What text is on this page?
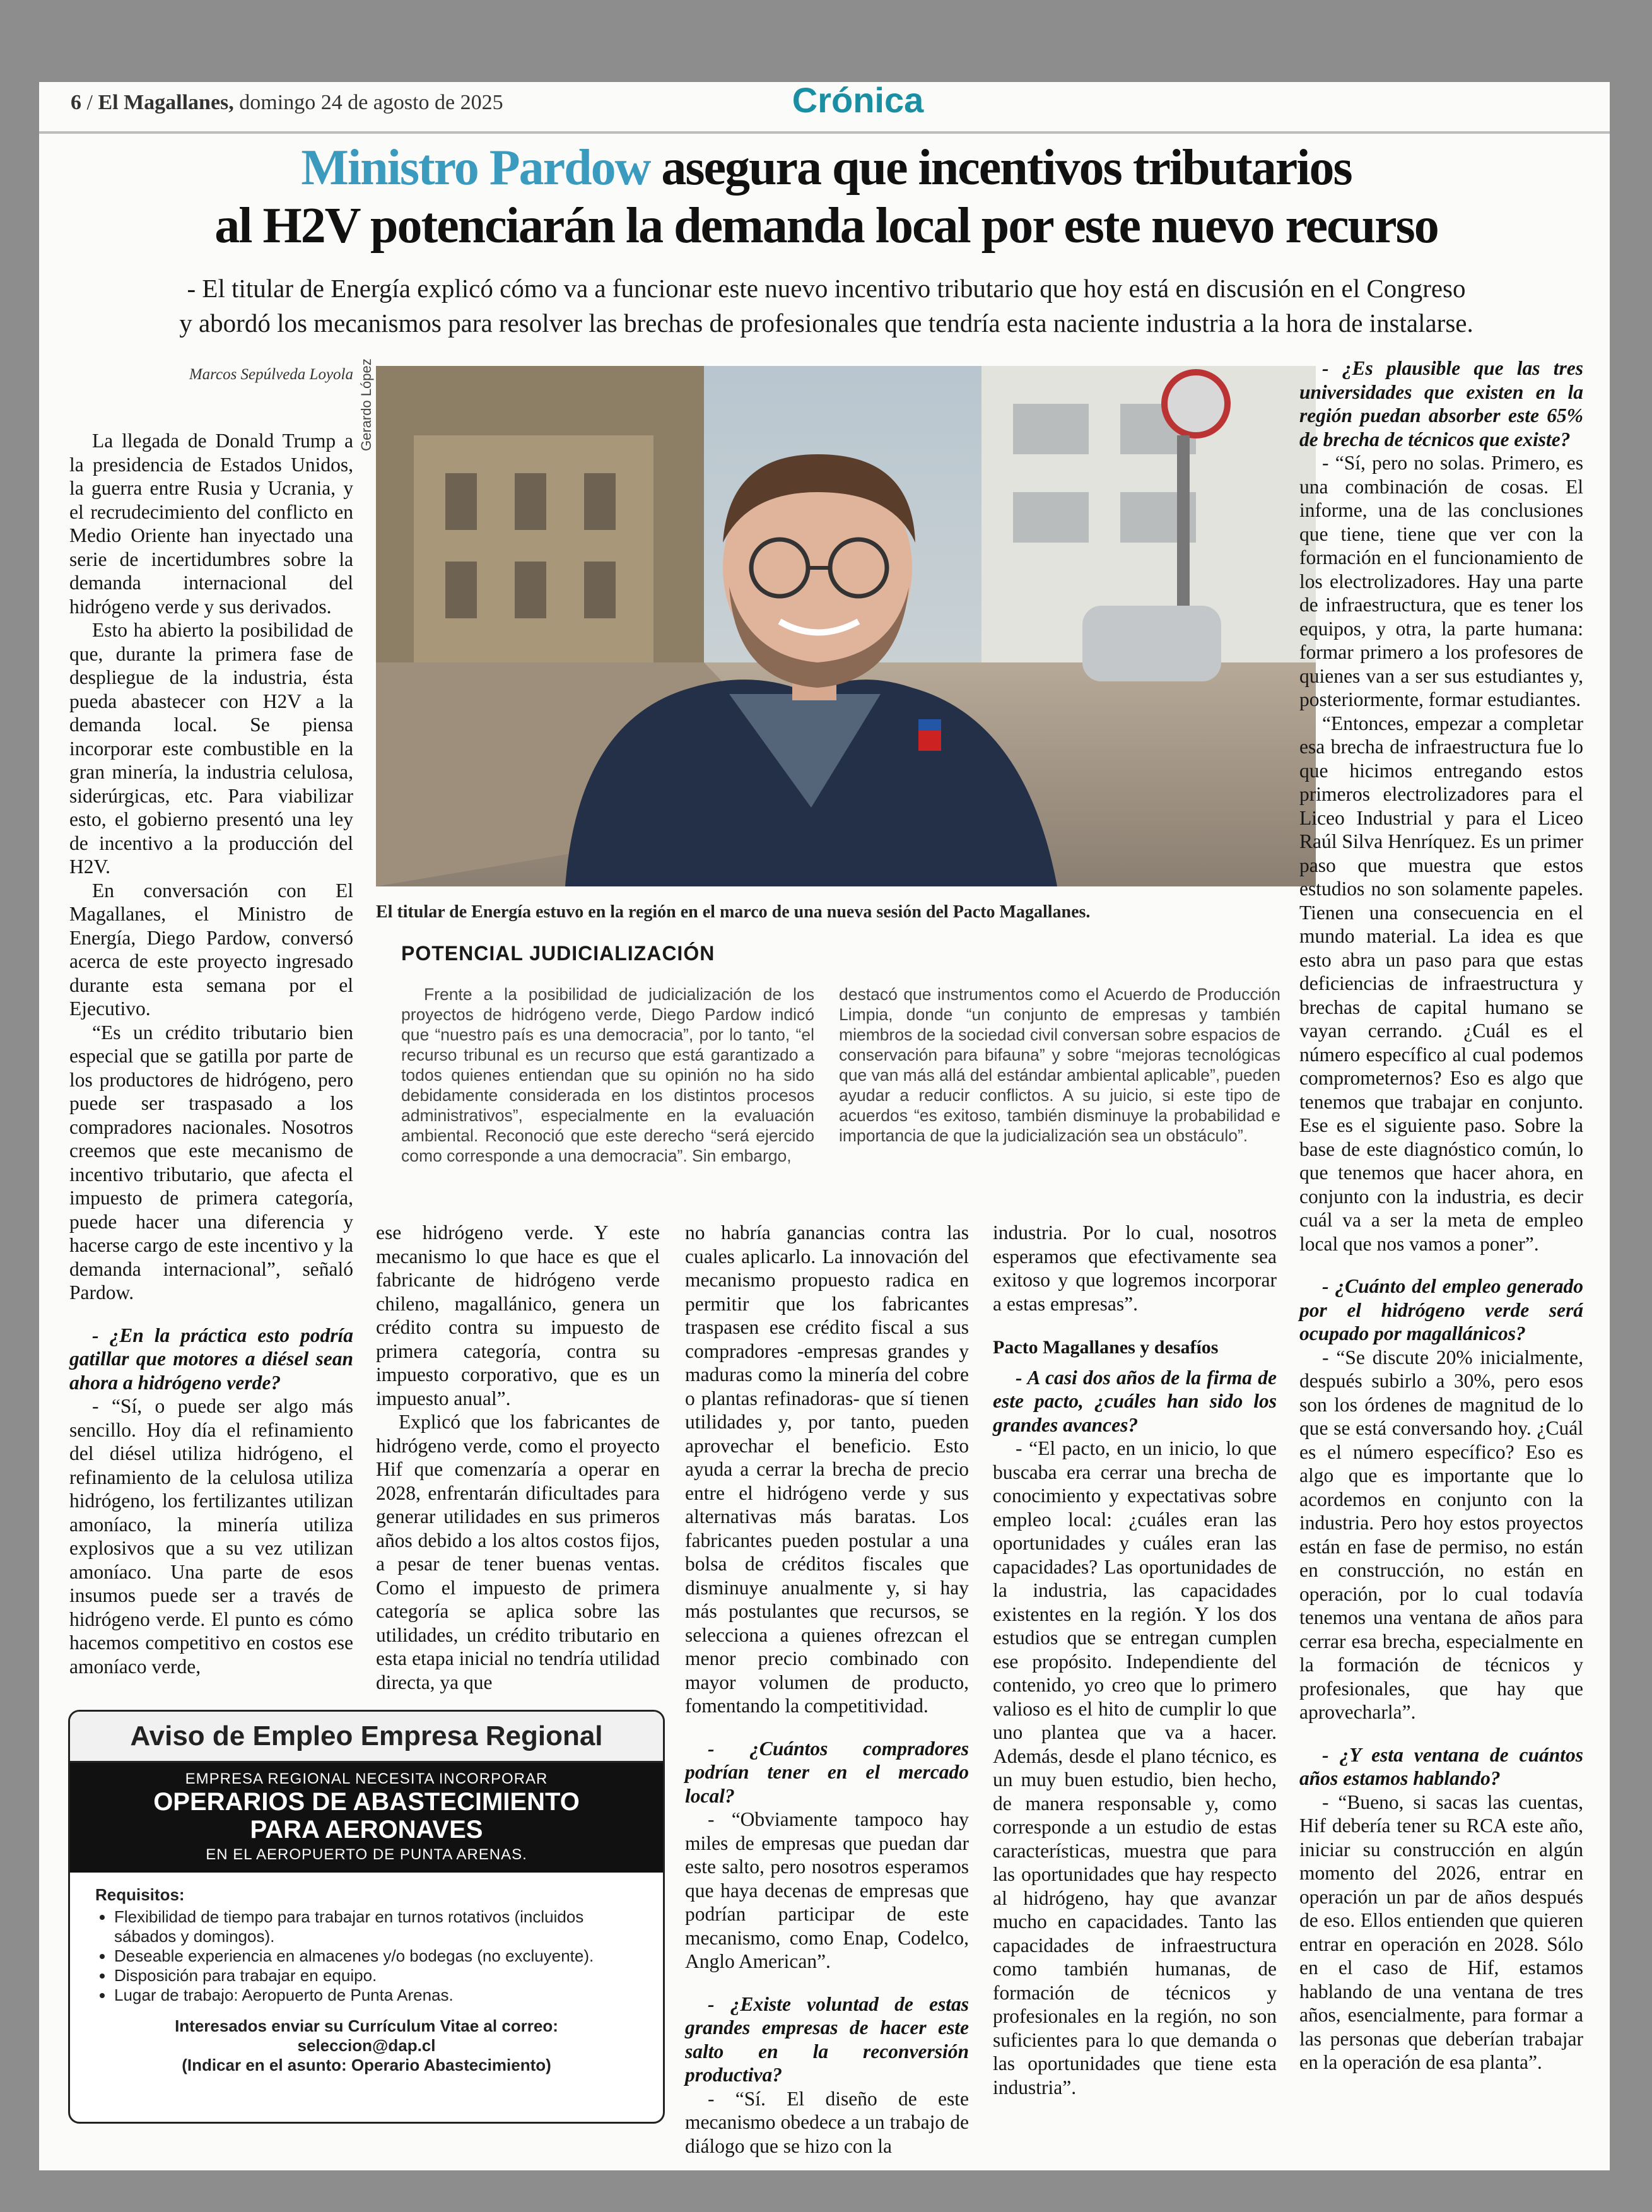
6 / El Magallanes, domingo 24 de agosto de 2025	Crónica
Ministro Pardow asegura que incentivos tributarios
al H2V potenciarán la demanda local por este nuevo recurso
- El titular de Energía explicó cómo va a funcionar este nuevo incentivo tributario que hoy está en discusión en el Congreso
y abordó los mecanismos para resolver las brechas de profesionales que tendría esta naciente industria a la hora de instalarse.
Marcos Sepúlveda Loyola Gerardo López
El titular de Energía estuvo en la región en el marco de una nueva sesión del Pacto Magallanes.

La llegada de Donald Trump a la presidencia de Estados Unidos, la guerra entre Rusia y Ucrania, y el recrudecimiento del conflicto en Medio Oriente han inyectado una serie de incertidumbres sobre la demanda internacional del hidrógeno verde y sus derivados.

Esto ha abierto la posibilidad de que, durante la primera fase de despliegue de la industria, ésta pueda abastecer con H2V a la demanda local. Se piensa incorporar este combustible en la gran minería, la industria celulosa, siderúrgicas, etc. Para viabilizar esto, el gobierno presentó una ley de incentivo a la producción del H2V.

En conversación con El Magallanes, el Ministro de Energía, Diego Pardow, conversó acerca de este proyecto ingresado durante esta semana por el Ejecutivo.

“Es un crédito tributario bien especial que se gatilla por parte de los productores de hidrógeno, pero puede ser traspasado a los compradores nacionales. Nosotros creemos que este mecanismo de incentivo tributario, que afecta el impuesto de primera categoría, puede hacer una diferencia y hacerse cargo de este incentivo y la demanda internacional”, señaló Pardow.

- ¿En la práctica esto podría gatillar que motores a diésel sean ahora a hidrógeno verde?

- “Sí, o puede ser algo más sencillo. Hoy día el refinamiento del diésel utiliza hidrógeno, el refinamiento de la celulosa utiliza hidrógeno, los fertilizantes utilizan amoníaco, la minería utiliza explosivos que a su vez utilizan amoníaco. Una parte de esos insumos puede ser a través de hidrógeno verde. El punto es cómo hacemos competitivo en costos ese amoníaco verde,

POTENCIAL JUDICIALIZACIÓN

Frente a la posibilidad de judicialización de los proyectos de hidrógeno verde, Diego Pardow indicó que “nuestro país es una democracia”, por lo tanto, “el recurso tribunal es un recurso que está garantizado a todos quienes entiendan que su opinión no ha sido debidamente considerada en los distintos procesos administrativos”, especialmente en la evaluación ambiental. Reconoció que este derecho “será ejercido como corresponde a una democracia”. Sin embargo,

destacó que instrumentos como el Acuerdo de Producción Limpia, donde “un conjunto de empresas y también miembros de la sociedad civil conversan sobre espacios de conservación para bifauna” y sobre “mejoras tecnológicas que van más allá del estándar ambiental aplicable”, pueden ayudar a reducir conflictos. A su juicio, si este tipo de acuerdos “es exitoso, también disminuye la probabilidad e importancia de que la judicialización sea un obstáculo”.

ese hidrógeno verde. Y este mecanismo lo que hace es que el fabricante de hidrógeno verde chileno, magallánico, genera un crédito contra su impuesto de primera categoría, contra su impuesto corporativo, que es un impuesto anual”.

Explicó que los fabricantes de hidrógeno verde, como el proyecto Hif que comenzaría a operar en 2028, enfrentarán dificultades para generar utilidades en sus primeros años debido a los altos costos fijos, a pesar de tener buenas ventas. Como el impuesto de primera categoría se aplica sobre las utilidades, un crédito tributario en esta etapa inicial no tendría utilidad directa, ya que

no habría ganancias contra las cuales aplicarlo. La innovación del mecanismo propuesto radica en permitir que los fabricantes traspasen ese crédito fiscal a sus compradores -empresas grandes y maduras como la minería del cobre o plantas refinadoras- que sí tienen utilidades y, por tanto, pueden aprovechar el beneficio. Esto ayuda a cerrar la brecha de precio entre el hidrógeno verde y sus alternativas más baratas. Los fabricantes pueden postular a una bolsa de créditos fiscales que disminuye anualmente y, si hay más postulantes que recursos, se selecciona a quienes ofrezcan el menor precio combinado con mayor volumen de producto, fomentando la competitividad.

- ¿Cuántos compradores podrían tener en el mercado local?

- “Obviamente tampoco hay miles de empresas que puedan dar este salto, pero nosotros esperamos que haya decenas de empresas que podrían participar de este mecanismo, como Enap, Codelco, Anglo American”.

- ¿Existe voluntad de estas grandes empresas de hacer este salto en la reconversión productiva?

- “Sí. El diseño de este mecanismo obedece a un trabajo de diálogo que se hizo con la

industria. Por lo cual, nosotros esperamos que efectivamente sea exitoso y que logremos incorporar a estas empresas”.

Pacto Magallanes y desafíos

- A casi dos años de la firma de este pacto, ¿cuáles han sido los grandes avances?

- “El pacto, en un inicio, lo que buscaba era cerrar una brecha de conocimiento y expectativas sobre empleo local: ¿cuáles eran las oportunidades y cuáles eran las capacidades? Las oportunidades de la industria, las capacidades existentes en la región. Y los dos estudios que se entregan cumplen ese propósito. Independiente del contenido, yo creo que lo primero valioso es el hito de cumplir lo que uno plantea que va a hacer. Además, desde el plano técnico, es un muy buen estudio, bien hecho, de manera responsable y, como corresponde a un estudio de estas características, muestra que para las oportunidades que hay respecto al hidrógeno, hay que avanzar mucho en capacidades. Tanto las capacidades de infraestructura como también humanas, de formación de técnicos y profesionales en la región, no son suficientes para lo que demanda o las oportunidades que tiene esta industria”.

- ¿Es plausible que las tres universidades que existen en la región puedan absorber este 65% de brecha de técnicos que existe?

- “Sí, pero no solas. Primero, es una combinación de cosas. El informe, una de las conclusiones que tiene, tiene que ver con la formación en el funcionamiento de los electrolizadores. Hay una parte de infraestructura, que es tener los equipos, y otra, la parte humana: formar primero a los profesores de quienes van a ser sus estudiantes y, posteriormente, formar estudiantes.

“Entonces, empezar a completar esa brecha de infraestructura fue lo que hicimos entregando estos primeros electrolizadores para el Liceo Industrial y para el Liceo Raúl Silva Henríquez. Es un primer paso que muestra que estos estudios no son solamente papeles. Tienen una consecuencia en el mundo material. La idea es que esto abra un paso para que estas deficiencias de infraestructura y brechas de capital humano se vayan cerrando. ¿Cuál es el número específico al cual podemos comprometernos? Eso es algo que tenemos que trabajar en conjunto. Ese es el siguiente paso. Sobre la base de este diagnóstico común, lo que tenemos que hacer ahora, en conjunto con la industria, es decir cuál va a ser la meta de empleo local que nos vamos a poner”.

- ¿Cuánto del empleo generado por el hidrógeno verde será ocupado por magallánicos?

- “Se discute 20% inicialmente, después subirlo a 30%, pero esos son los órdenes de magnitud de lo que se está conversando hoy. ¿Cuál es el número específico? Eso es algo que es importante que lo acordemos en conjunto con la industria. Pero hoy estos proyectos están en fase de permiso, no están en construcción, no están en operación, por lo cual todavía tenemos una ventana de años para cerrar esa brecha, especialmente en la formación de técnicos y profesionales, que hay que aprovecharla”.

- ¿Y esta ventana de cuántos años estamos hablando?

- “Bueno, si sacas las cuentas, Hif debería tener su RCA este año, iniciar su construcción en algún momento del 2026, entrar en operación un par de años después de eso. Ellos entienden que quieren entrar en operación en 2028. Sólo en el caso de Hif, estamos hablando de una ventana de tres años, esencialmente, para formar a las personas que deberían trabajar en la operación de esa planta”.

Aviso de Empleo Empresa Regional
EMPRESA REGIONAL NECESITA INCORPORAR
OPERARIOS DE ABASTECIMIENTO
PARA AERONAVES
EN EL AEROPUERTO DE PUNTA ARENAS.
Requisitos:
• Flexibilidad de tiempo para trabajar en turnos rotativos (incluidos sábados y domingos).
• Deseable experiencia en almacenes y/o bodegas (no excluyente).
• Disposición para trabajar en equipo.
• Lugar de trabajo: Aeropuerto de Punta Arenas.
Interesados enviar su Currículum Vitae al correo:
seleccion@dap.cl
(Indicar en el asunto: Operario Abastecimiento)
